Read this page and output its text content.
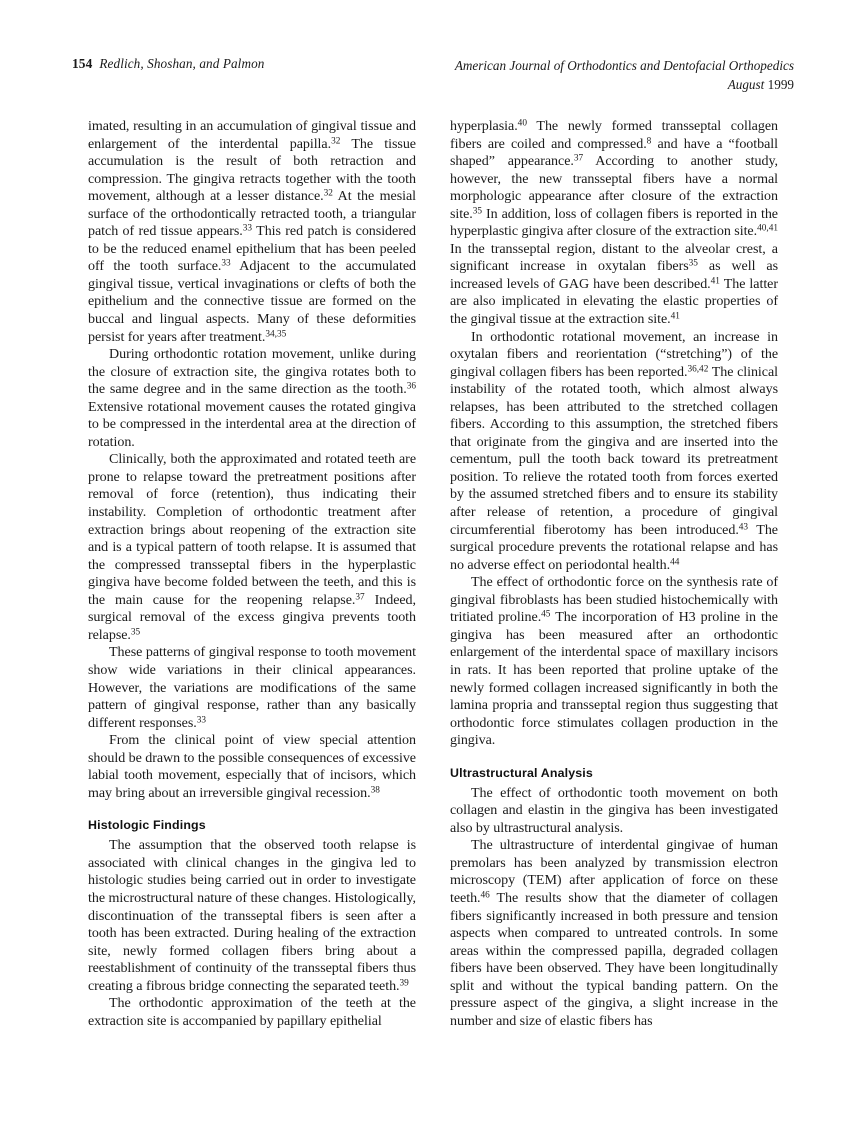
154 Redlich, Shoshan, and Palmon	American Journal of Orthodontics and Dentofacial Orthopedics
August 1999

imated, resulting in an accumulation of gingival tissue and enlargement of the interdental papilla.$^{32}$ The tissue accumulation is the result of both retraction and compression. The gingiva retracts together with the tooth movement, although at a lesser distance.$^{32}$ At the mesial surface of the orthodontically retracted tooth, a triangular patch of red tissue appears.$^{33}$ This red patch is considered to be the reduced enamel epithelium that has been peeled off the tooth surface.$^{33}$ Adjacent to the accumulated gingival tissue, vertical invaginations or clefts of both the epithelium and the connective tissue are formed on the buccal and lingual aspects. Many of these deformities persist for years after treatment.$^{34,35}$

During orthodontic rotation movement, unlike during the closure of extraction site, the gingiva rotates both to the same degree and in the same direction as the tooth.$^{36}$ Extensive rotational movement causes the rotated gingiva to be compressed in the interdental area at the direction of rotation.

Clinically, both the approximated and rotated teeth are prone to relapse toward the pretreatment positions after removal of force (retention), thus indicating their instability. Completion of orthodontic treatment after extraction brings about reopening of the extraction site and is a typical pattern of tooth relapse. It is assumed that the compressed transseptal fibers in the hyperplastic gingiva have become folded between the teeth, and this is the main cause for the reopening relapse.$^{37}$ Indeed, surgical removal of the excess gingiva prevents tooth relapse.$^{35}$

These patterns of gingival response to tooth movement show wide variations in their clinical appearances. However, the variations are modifications of the same pattern of gingival response, rather than any basically different responses.$^{33}$

From the clinical point of view special attention should be drawn to the possible consequences of excessive labial tooth movement, especially that of incisors, which may bring about an irreversible gingival recession.$^{38}$

Histologic Findings

The assumption that the observed tooth relapse is associated with clinical changes in the gingiva led to histologic studies being carried out in order to investigate the microstructural nature of these changes. Histologically, discontinuation of the transseptal fibers is seen after a tooth has been extracted. During healing of the extraction site, newly formed collagen fibers bring about a reestablishment of continuity of the transseptal fibers thus creating a fibrous bridge connecting the separated teeth.$^{39}$

The orthodontic approximation of the teeth at the extraction site is accompanied by papillary epithelial

hyperplasia.$^{40}$ The newly formed transseptal collagen fibers are coiled and compressed.$^8$ and have a “football shaped” appearance.$^{37}$ According to another study, however, the new transseptal fibers have a normal morphologic appearance after closure of the extraction site.$^{35}$ In addition, loss of collagen fibers is reported in the hyperplastic gingiva after closure of the extraction site.$^{40,41}$ In the transseptal region, distant to the alveolar crest, a significant increase in oxytalan fibers$^{35}$ as well as increased levels of GAG have been described.$^{41}$ The latter are also implicated in elevating the elastic properties of the gingival tissue at the extraction site.$^{41}$

In orthodontic rotational movement, an increase in oxytalan fibers and reorientation (“stretching”) of the gingival collagen fibers has been reported.$^{36,42}$ The clinical instability of the rotated tooth, which almost always relapses, has been attributed to the stretched collagen fibers. According to this assumption, the stretched fibers that originate from the gingiva and are inserted into the cementum, pull the tooth back toward its pretreatment position. To relieve the rotated tooth from forces exerted by the assumed stretched fibers and to ensure its stability after release of retention, a procedure of gingival circumferential fiberotomy has been introduced.$^{43}$ The surgical procedure prevents the rotational relapse and has no adverse effect on periodontal health.$^{44}$

The effect of orthodontic force on the synthesis rate of gingival fibroblasts has been studied histochemically with tritiated proline.$^{45}$ The incorporation of H3 proline in the gingiva has been measured after an orthodontic enlargement of the interdental space of maxillary incisors in rats. It has been reported that proline uptake of the newly formed collagen increased significantly in both the lamina propria and transseptal region thus suggesting that orthodontic force stimulates collagen production in the gingiva.

Ultrastructural Analysis

The effect of orthodontic tooth movement on both collagen and elastin in the gingiva has been investigated also by ultrastructural analysis.

The ultrastructure of interdental gingivae of human premolars has been analyzed by transmission electron microscopy (TEM) after application of force on these teeth.$^{46}$ The results show that the diameter of collagen fibers significantly increased in both pressure and tension aspects when compared to untreated controls. In some areas within the compressed papilla, degraded collagen fibers have been observed. They have been longitudinally split and without the typical banding pattern. On the pressure aspect of the gingiva, a slight increase in the number and size of elastic fibers has
